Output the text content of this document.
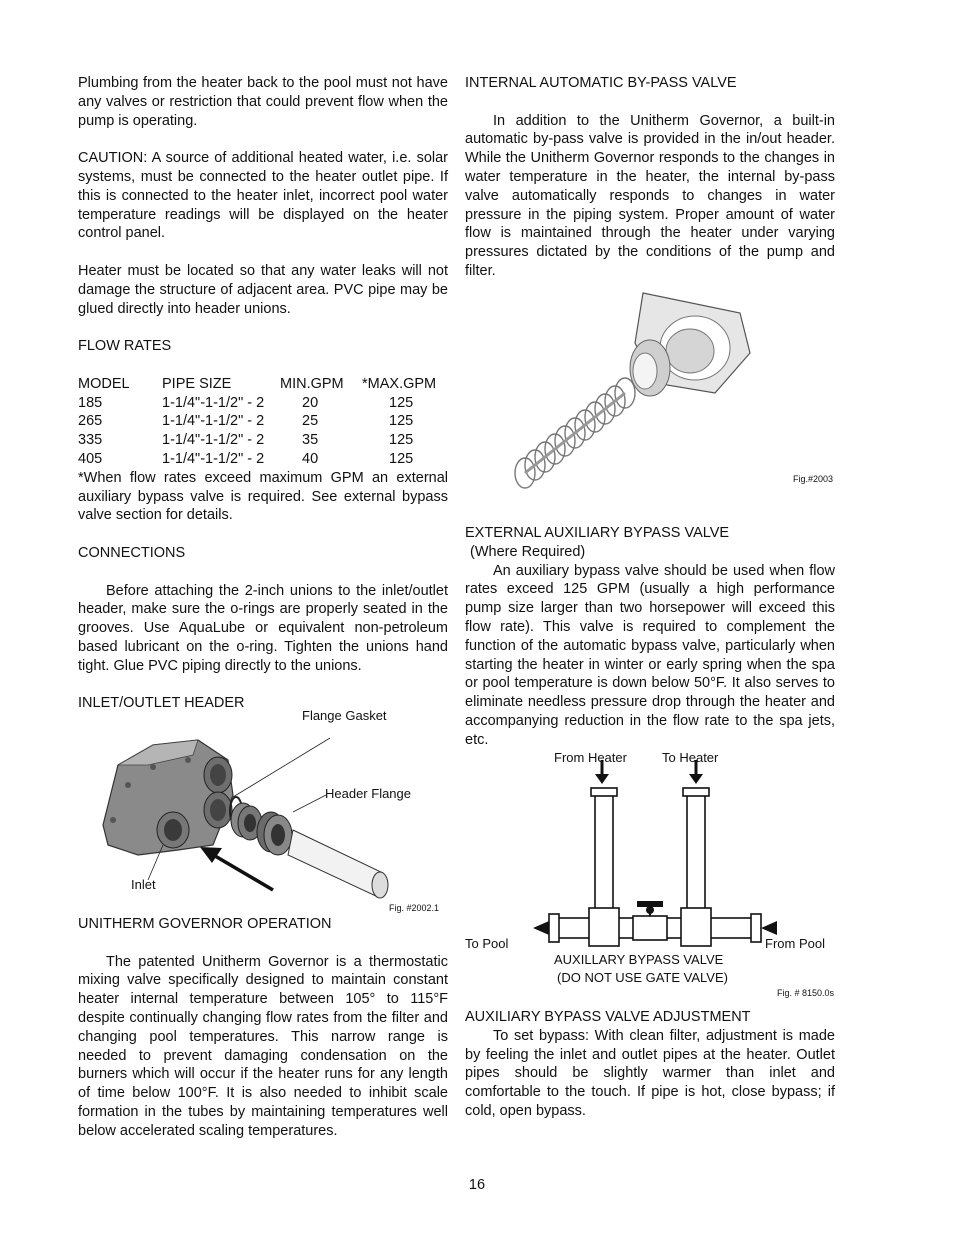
Plumbing from the heater back to the pool must not have any valves or restriction that could prevent flow when the pump is operating.

CAUTION: A source of additional heated water, i.e. solar systems, must be connected to the heater outlet pipe. If this is connected to the heater inlet, incorrect pool water temperature readings will be displayed on the heater control panel.

Heater must be located so that any water leaks will not damage the structure of adjacent area. PVC pipe may be glued directly into header unions.

FLOW RATES
MODEL	PIPE SIZE	MIN.GPM	*MAX.GPM
185	1-1/4"-1-1/2" - 2	20	125
265	1-1/4"-1-1/2" - 2	25	125
335	1-1/4"-1-1/2" - 2	35	125
405	1-1/4"-1-1/2" - 2	40	125

*When flow rates exceed maximum GPM an external auxiliary bypass valve is required. See external bypass valve section for details.

CONNECTIONS

Before attaching the 2-inch unions to the inlet/outlet header, make sure the o-rings are properly seated in the grooves. Use AquaLube or equivalent non-petroleum based lubricant on the o-ring. Tighten the unions hand tight. Glue PVC piping directly to the unions.

INLET/OUTLET HEADER
Flange Gasket
Header Flange
Inlet
Fig. #2002.1
UNITHERM GOVERNOR OPERATION

The patented Unitherm Governor is a thermostatic mixing valve specifically designed to maintain constant heater internal temperature between 105° to 115°F despite continually changing flow rates from the filter and changing pool temperatures. This narrow range is needed to prevent damaging condensation on the burners which will occur if the heater runs for any length of time below 100°F. It is also needed to inhibit scale formation in the tubes by maintaining temperatures well below accelerated scaling temperatures.

INTERNAL AUTOMATIC BY-PASS VALVE

In addition to the Unitherm Governor, a built-in automatic by-pass valve is provided in the in/out header. While the Unitherm Governor responds to the changes in water temperature in the heater, the internal by-pass valve automatically responds to changes in water pressure in the piping system. Proper amount of water flow is maintained through the heater under varying pressures dictated by the conditions of the pump and filter.

Fig.#2003
EXTERNAL AUXILIARY BYPASS VALVE
(Where Required)

An auxiliary bypass valve should be used when flow rates exceed 125 GPM (usually a high performance pump size larger than two horsepower will exceed this flow rate). This valve is required to complement the function of the automatic bypass valve, particularly when starting the heater in winter or early spring when the spa or pool temperature is down below 50°F. It also serves to eliminate needless pressure drop through the heater and accompanying reduction in the flow rate to the spa jets, etc.

From Heater	To Heater
To Pool	From Pool
AUXILLARY BYPASS VALVE
(DO NOT USE GATE VALVE)
Fig. # 8150.0s
AUXILIARY BYPASS VALVE ADJUSTMENT

To set bypass: With clean filter, adjustment is made by feeling the inlet and outlet pipes at the heater. Outlet pipes should be slightly warmer than inlet and comfortable to the touch. If pipe is hot, close bypass; if cold, open bypass.

16
